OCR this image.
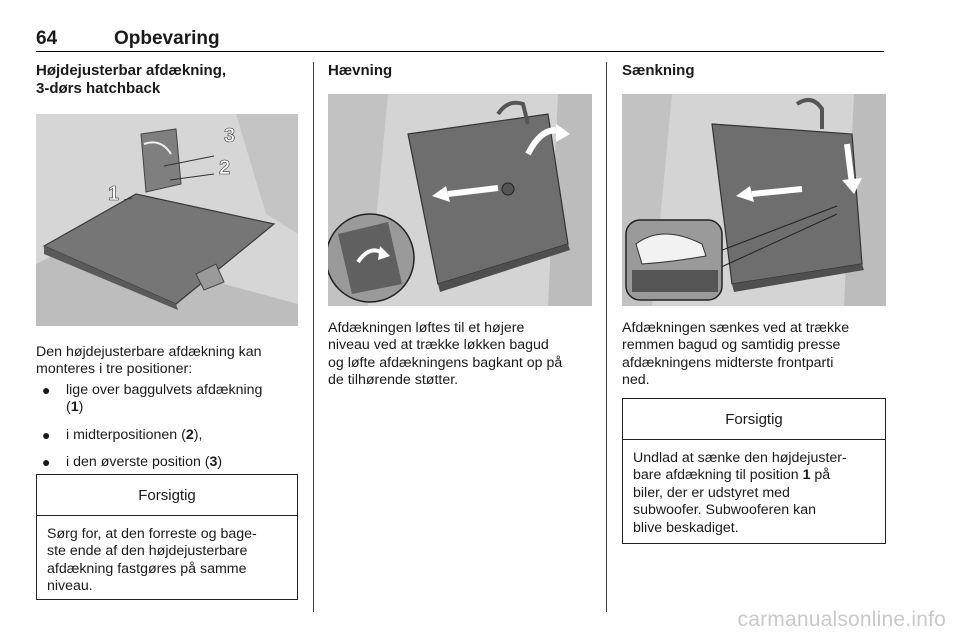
64	Opbevaring
Højdejusterbar afdækning,
3-dørs hatchback
3
2
1
Den højdejusterbare afdækning kan
monteres i tre positioner:
● lige over baggulvets afdækning
(1)
● i midterpositionen (2),
● i den øverste position (3)
Forsigtig
Sørg for, at den forreste og bage-
ste ende af den højdejusterbare
afdækning fastgøres på samme
niveau.
Hævning
Afdækningen løftes til et højere
niveau ved at trække løkken bagud
og løfte afdækningens bagkant op på
de tilhørende støtter.
Sænkning
Afdækningen sænkes ved at trække
remmen bagud og samtidig presse
afdækningens midterste frontparti
ned.
Forsigtig
Undlad at sænke den højdejuster-
bare afdækning til position 1 på
biler, der er udstyret med
subwoofer. Subwooferen kan
blive beskadiget.
carmanualsonline.info
